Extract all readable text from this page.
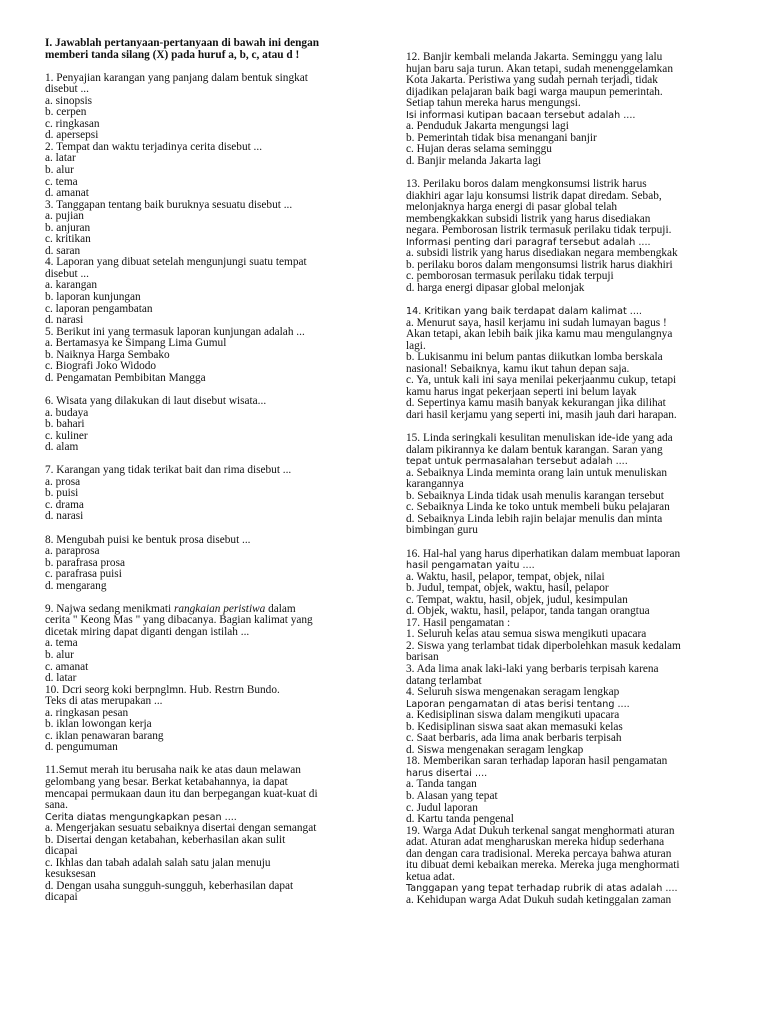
I. Jawablah pertanyaan-pertanyaan di bawah ini dengan
memberi tanda silang (X) pada huruf a, b, c, atau d !
1. Penyajian karangan yang panjang dalam bentuk singkat
disebut ...
a. sinopsis
b. cerpen
c. ringkasan
d. apersepsi
2. Tempat dan waktu terjadinya cerita disebut ...
a. latar
b. alur
c. tema
d. amanat
3. Tanggapan tentang baik buruknya sesuatu disebut ...
a. pujian
b. anjuran
c. kritikan
d. saran
4. Laporan yang dibuat setelah mengunjungi suatu tempat
disebut ...
a. karangan
b. laporan kunjungan
c. laporan pengambatan
d. narasi
5. Berikut ini yang termasuk laporan kunjungan adalah ...
a. Bertamasya ke Simpang Lima Gumul
b. Naiknya Harga Sembako
c. Biografi Joko Widodo
d. Pengamatan Pembibitan Mangga
6. Wisata yang dilakukan di laut disebut wisata...
a. budaya
b. bahari
c. kuliner
d. alam
7. Karangan yang tidak terikat bait dan rima disebut ...
a. prosa
b. puisi
c. drama
d. narasi
8. Mengubah puisi ke bentuk prosa disebut ...
a. paraprosa
b. parafrasa prosa
c. parafrasa puisi
d. mengarang
9. Najwa sedang menikmati rangkaian peristiwa dalam
cerita " Keong Mas " yang dibacanya. Bagian kalimat yang
dicetak miring dapat diganti dengan istilah ...
a. tema
b. alur
c. amanat
d. latar
10. Dcri seorg koki berpnglmn. Hub. Restrn Bundo.
Teks di atas merupakan ...
a. ringkasan pesan
b. iklan lowongan kerja
c. iklan penawaran barang
d. pengumuman
11.Semut merah itu berusaha naik ke atas daun melawan
gelombang yang besar. Berkat ketabahannya, ia dapat
mencapai permukaan daun itu dan berpegangan kuat-kuat di
sana.
Cerita diatas mengungkapkan pesan ....
a. Mengerjakan sesuatu sebaiknya disertai dengan semangat
b. Disertai dengan ketabahan, keberhasilan akan sulit
dicapai
c. Ikhlas dan tabah adalah salah satu jalan menuju
kesuksesan
d. Dengan usaha sungguh-sungguh, keberhasilan dapat
dicapai
12. Banjir kembali melanda Jakarta. Seminggu yang lalu
hujan baru saja turun. Akan tetapi, sudah menenggelamkan
Kota Jakarta. Peristiwa yang sudah pernah terjadi, tidak
dijadikan pelajaran baik bagi warga maupun pemerintah.
Setiap tahun mereka harus mengungsi.
Isi informasi kutipan bacaan tersebut adalah ....
a. Penduduk Jakarta mengungsi lagi
b. Pemerintah tidak bisa menangani banjir
c. Hujan deras selama seminggu
d. Banjir melanda Jakarta lagi
13. Perilaku boros dalam mengkonsumsi listrik harus
diakhiri agar laju konsumsi listrik dapat diredam. Sebab,
melonjaknya harga energi di pasar global telah
membengkakkan subsidi listrik yang harus disediakan
negara. Pemborosan listrik termasuk perilaku tidak terpuji.
Informasi penting dari paragraf tersebut adalah ....
a. subsidi listrik yang harus disediakan negara membengkak
b. perilaku boros dalam mengonsumsi listrik harus diakhiri
c. pemborosan termasuk perilaku tidak terpuji
d. harga energi dipasar global melonjak
14. Kritikan yang baik terdapat dalam kalimat ....
a. Menurut saya, hasil kerjamu ini sudah lumayan bagus !
Akan tetapi, akan lebih baik jika kamu mau mengulangnya
lagi.
b. Lukisanmu ini belum pantas diikutkan lomba berskala
nasional! Sebaiknya, kamu ikut tahun depan saja.
c. Ya, untuk kali ini saya menilai pekerjaanmu cukup, tetapi
kamu harus ingat pekerjaan seperti ini belum layak
d. Sepertinya kamu masih banyak kekurangan jika dilihat
dari hasil kerjamu yang seperti ini, masih jauh dari harapan.
15. Linda seringkali kesulitan menuliskan ide-ide yang ada
dalam pikirannya ke dalam bentuk karangan. Saran yang
tepat untuk permasalahan tersebut adalah ....
a. Sebaiknya Linda meminta orang lain untuk menuliskan
karangannya
b. Sebaiknya Linda tidak usah menulis karangan tersebut
c. Sebaiknya Linda ke toko untuk membeli buku pelajaran
d. Sebaiknya Linda lebih rajin belajar menulis dan minta
bimbingan guru
16. Hal-hal yang harus diperhatikan dalam membuat laporan
hasil pengamatan yaitu ....
a. Waktu, hasil, pelapor, tempat, objek, nilai
b. Judul, tempat, objek, waktu, hasil, pelapor
c. Tempat, waktu, hasil, objek, judul, kesimpulan
d. Objek, waktu, hasil, pelapor, tanda tangan orangtua
17. Hasil pengamatan :
1. Seluruh kelas atau semua siswa mengikuti upacara
2. Siswa yang terlambat tidak diperbolehkan masuk kedalam
barisan
3. Ada lima anak laki-laki yang berbaris terpisah karena
datang terlambat
4. Seluruh siswa mengenakan seragam lengkap
Laporan pengamatan di atas berisi tentang ....
a. Kedisiplinan siswa dalam mengikuti upacara
b. Kedisiplinan siswa saat akan memasuki kelas
c. Saat berbaris, ada lima anak berbaris terpisah
d. Siswa mengenakan seragam lengkap
18. Memberikan saran terhadap laporan hasil pengamatan
harus disertai ....
a. Tanda tangan
b. Alasan yang tepat
c. Judul laporan
d. Kartu tanda pengenal
19. Warga Adat Dukuh terkenal sangat menghormati aturan
adat. Aturan adat mengharuskan mereka hidup sederhana
dan dengan cara tradisional. Mereka percaya bahwa aturan
itu dibuat demi kebaikan mereka. Mereka juga menghormati
ketua adat.
Tanggapan yang tepat terhadap rubrik di atas adalah ....
a. Kehidupan warga Adat Dukuh sudah ketinggalan zaman
